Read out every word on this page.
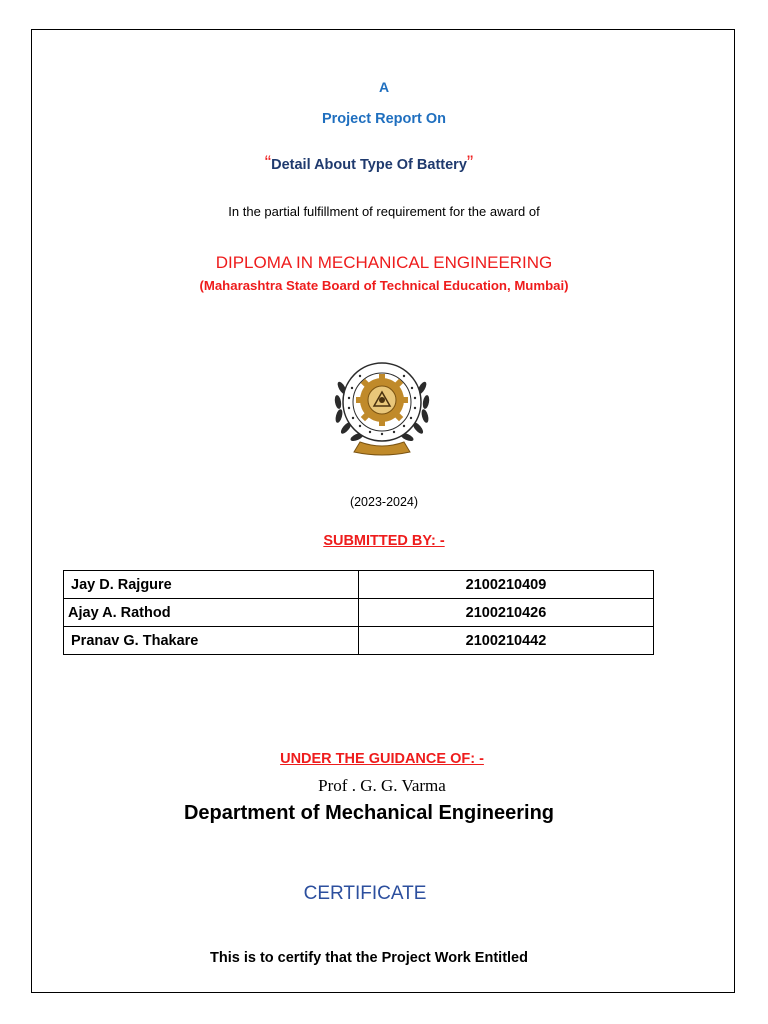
A
Project Report On
“Detail About Type Of Battery”
In the partial fulfillment of requirement for the award of
DIPLOMA IN MECHANICAL ENGINEERING
(Maharashtra State Board of Technical Education, Mumbai)
(2023-2024)
SUBMITTED BY: -
Jay D. Rajgure	2100210409
Ajay A. Rathod	2100210426
Pranav G. Thakare	2100210442
UNDER THE GUIDANCE OF: -
Prof . G. G. Varma
Department of Mechanical Engineering
CERTIFICATE
This is to certify that the Project Work Entitled
